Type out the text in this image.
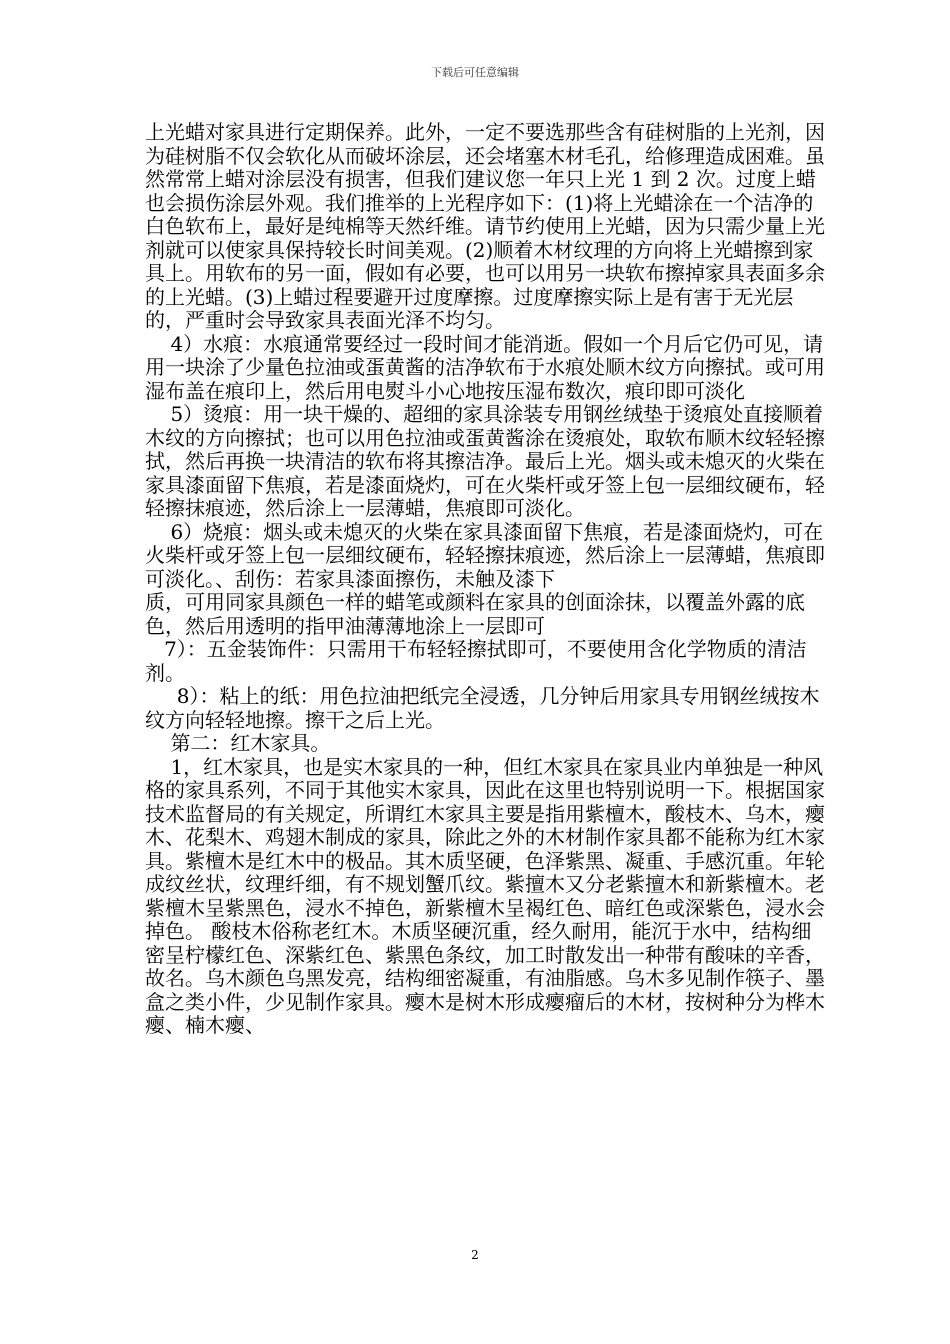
下载后可任意编辑

上光蜡对家具进行定期保养。此外，一定不要选那些含有硅树脂的上光剂，因为硅树脂不仅会软化从而破坏涂层，还会堵塞木材毛孔，给修理造成困难。虽然常常上蜡对涂层没有损害，但我们建议您一年只上光 1 到 2 次。过度上蜡也会损伤涂层外观。我们推举的上光程序如下：(1)将上光蜡涂在一个洁净的白色软布上，最好是纯棉等天然纤维。请节约使用上光蜡，因为只需少量上光剂就可以使家具保持较长时间美观。(2)顺着木材纹理的方向将上光蜡擦到家具上。用软布的另一面，假如有必要，也可以用另一块软布擦掉家具表面多余的上光蜡。(3)上蜡过程要避开过度摩擦。过度摩擦实际上是有害于无光层的，严重时会导致家具表面光泽不均匀。

4）水痕：水痕通常要经过一段时间才能消逝。假如一个月后它仍可见，请用一块涂了少量色拉油或蛋黄酱的洁净软布于水痕处顺木纹方向擦拭。或可用湿布盖在痕印上，然后用电熨斗小心地按压湿布数次，痕印即可淡化

5）烫痕：用一块干燥的、超细的家具涂装专用钢丝绒垫于烫痕处直接顺着木纹的方向擦拭；也可以用色拉油或蛋黄酱涂在烫痕处，取软布顺木纹轻轻擦拭，然后再换一块清洁的软布将其擦洁净。最后上光。烟头或未熄灭的火柴在家具漆面留下焦痕，若是漆面烧灼，可在火柴杆或牙签上包一层细纹硬布，轻轻擦抹痕迹，然后涂上一层薄蜡，焦痕即可淡化。

6）烧痕：烟头或未熄灭的火柴在家具漆面留下焦痕，若是漆面烧灼，可在火柴杆或牙签上包一层细纹硬布，轻轻擦抹痕迹，然后涂上一层薄蜡，焦痕即可淡化。、刮伤：若家具漆面擦伤，未触及漆下

质，可用同家具颜色一样的蜡笔或颜料在家具的创面涂抹，以覆盖外露的底色，然后用透明的指甲油薄薄地涂上一层即可

7）：五金装饰件：只需用干布轻轻擦拭即可，不要使用含化学物质的清洁剂。

8）：粘上的纸：用色拉油把纸完全浸透，几分钟后用家具专用钢丝绒按木纹方向轻轻地擦。擦干之后上光。

第二：红木家具。

1，红木家具，也是实木家具的一种，但红木家具在家具业内单独是一种风格的家具系列，不同于其他实木家具，因此在这里也特别说明一下。根据国家技术监督局的有关规定，所谓红木家具主要是指用紫檀木，酸枝木、乌木，瘿木、花梨木、鸡翅木制成的家具，除此之外的木材制作家具都不能称为红木家具。紫檀木是红木中的极品。其木质坚硬，色泽紫黑、凝重、手感沉重。年轮成纹丝状，纹理纤细，有不规划蟹爪纹。紫擅木又分老紫擅木和新紫檀木。老紫檀木呈紫黑色，浸水不掉色，新紫檀木呈褐红色、暗红色或深紫色，浸水会掉色。 酸枝木俗称老红木。木质坚硬沉重，经久耐用，能沉于水中，结构细密呈柠檬红色、深紫红色、紫黑色条纹，加工时散发出一种带有酸味的辛香，故名。乌木颜色乌黑发亮，结构细密凝重，有油脂感。乌木多见制作筷子、墨盒之类小件，少见制作家具。瘿木是树木形成瘿瘤后的木材，按树种分为桦木瘿、楠木瘿、

2
